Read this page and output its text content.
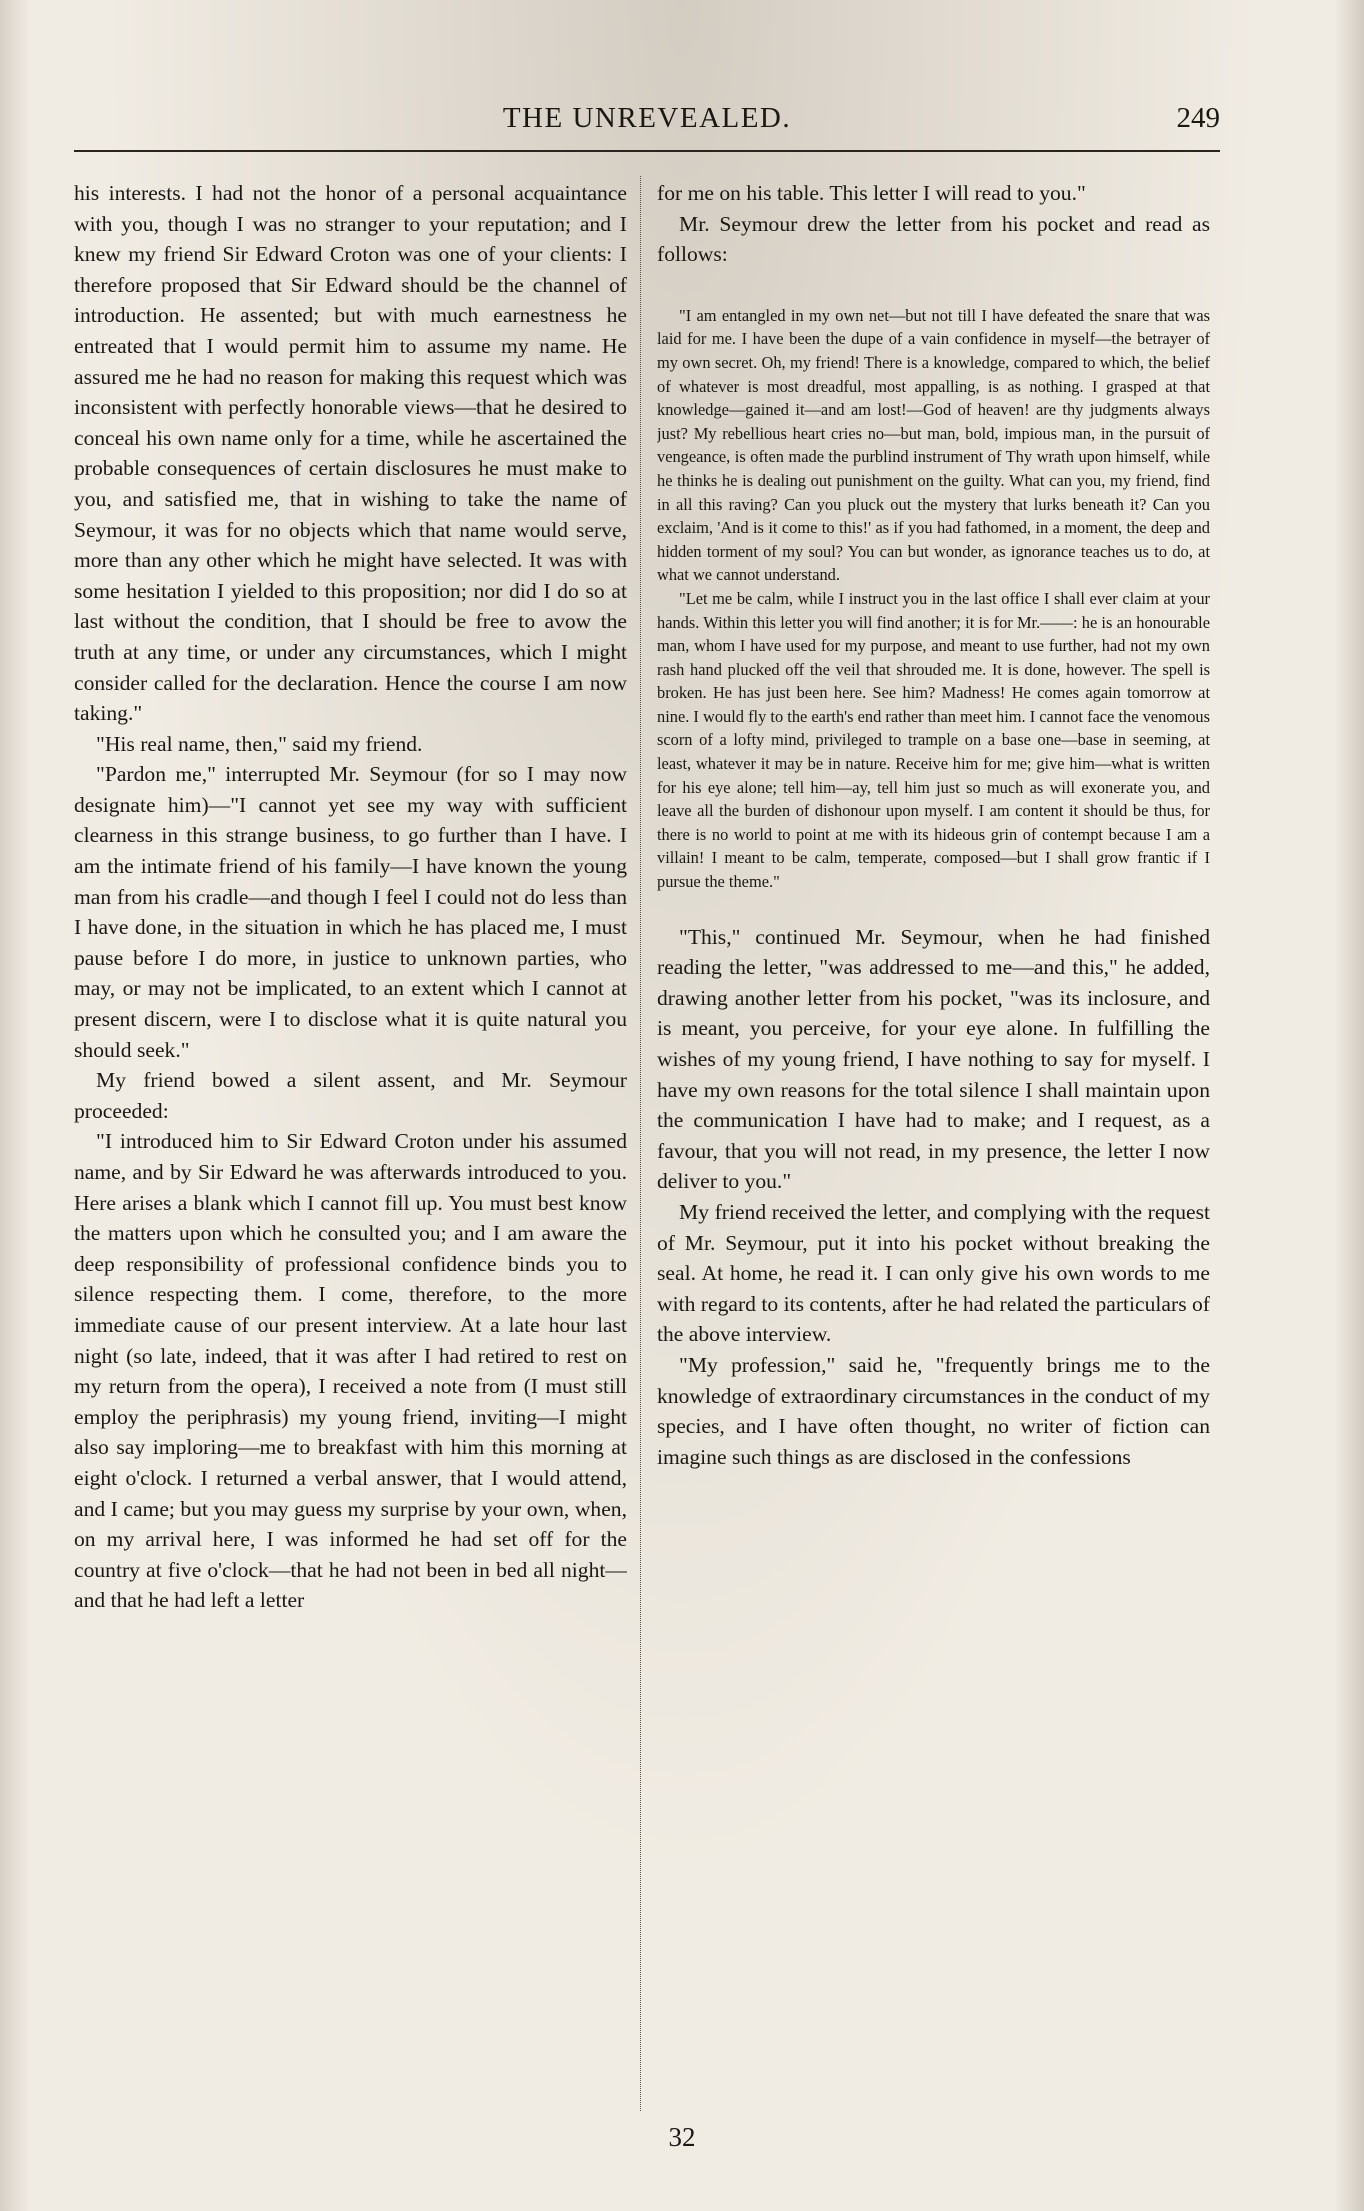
THE UNREVEALED.	249

his interests. I had not the honor of a personal acquaintance with you, though I was no stranger to your reputation; and I knew my friend Sir Edward Croton was one of your clients: I therefore proposed that Sir Edward should be the channel of introduction. He assented; but with much earnestness he entreated that I would permit him to assume my name. He assured me he had no reason for making this request which was inconsistent with perfectly honorable views—that he desired to conceal his own name only for a time, while he ascertained the probable consequences of certain disclosures he must make to you, and satisfied me, that in wishing to take the name of Seymour, it was for no objects which that name would serve, more than any other which he might have selected. It was with some hesitation I yielded to this proposition; nor did I do so at last without the condition, that I should be free to avow the truth at any time, or under any circumstances, which I might consider called for the declaration. Hence the course I am now taking."

"His real name, then," said my friend.

"Pardon me," interrupted Mr. Seymour (for so I may now designate him)—"I cannot yet see my way with sufficient clearness in this strange business, to go further than I have. I am the intimate friend of his family—I have known the young man from his cradle—and though I feel I could not do less than I have done, in the situation in which he has placed me, I must pause before I do more, in justice to unknown parties, who may, or may not be implicated, to an extent which I cannot at present discern, were I to disclose what it is quite natural you should seek."

My friend bowed a silent assent, and Mr. Seymour proceeded:

"I introduced him to Sir Edward Croton under his assumed name, and by Sir Edward he was afterwards introduced to you. Here arises a blank which I cannot fill up. You must best know the matters upon which he consulted you; and I am aware the deep responsibility of professional confidence binds you to silence respecting them. I come, therefore, to the more immediate cause of our present interview. At a late hour last night (so late, indeed, that it was after I had retired to rest on my return from the opera), I received a note from (I must still employ the periphrasis) my young friend, inviting—I might also say imploring—me to breakfast with him this morning at eight o'clock. I returned a verbal answer, that I would attend, and I came; but you may guess my surprise by your own, when, on my arrival here, I was informed he had set off for the country at five o'clock—that he had not been in bed all night—and that he had left a letter

for me on his table. This letter I will read to you."

Mr. Seymour drew the letter from his pocket and read as follows:

"I am entangled in my own net—but not till I have defeated the snare that was laid for me. I have been the dupe of a vain confidence in myself—the betrayer of my own secret. Oh, my friend! There is a knowledge, compared to which, the belief of whatever is most dreadful, most appalling, is as nothing. I grasped at that knowledge—gained it—and am lost!—God of heaven! are thy judgments always just? My rebellious heart cries no—but man, bold, impious man, in the pursuit of vengeance, is often made the purblind instrument of Thy wrath upon himself, while he thinks he is dealing out punishment on the guilty. What can you, my friend, find in all this raving? Can you pluck out the mystery that lurks beneath it? Can you exclaim, 'And is it come to this!' as if you had fathomed, in a moment, the deep and hidden torment of my soul? You can but wonder, as ignorance teaches us to do, at what we cannot understand.

"Let me be calm, while I instruct you in the last office I shall ever claim at your hands. Within this letter you will find another; it is for Mr.——: he is an honourable man, whom I have used for my purpose, and meant to use further, had not my own rash hand plucked off the veil that shrouded me. It is done, however. The spell is broken. He has just been here. See him? Madness! He comes again tomorrow at nine. I would fly to the earth's end rather than meet him. I cannot face the venomous scorn of a lofty mind, privileged to trample on a base one—base in seeming, at least, whatever it may be in nature. Receive him for me; give him—what is written for his eye alone; tell him—ay, tell him just so much as will exonerate you, and leave all the burden of dishonour upon myself. I am content it should be thus, for there is no world to point at me with its hideous grin of contempt because I am a villain! I meant to be calm, temperate, composed—but I shall grow frantic if I pursue the theme."

"This," continued Mr. Seymour, when he had finished reading the letter, "was addressed to me—and this," he added, drawing another letter from his pocket, "was its inclosure, and is meant, you perceive, for your eye alone. In fulfilling the wishes of my young friend, I have nothing to say for myself. I have my own reasons for the total silence I shall maintain upon the communication I have had to make; and I request, as a favour, that you will not read, in my presence, the letter I now deliver to you."

My friend received the letter, and complying with the request of Mr. Seymour, put it into his pocket without breaking the seal. At home, he read it. I can only give his own words to me with regard to its contents, after he had related the particulars of the above interview.

"My profession," said he, "frequently brings me to the knowledge of extraordinary circumstances in the conduct of my species, and I have often thought, no writer of fiction can imagine such things as are disclosed in the confessions

32
